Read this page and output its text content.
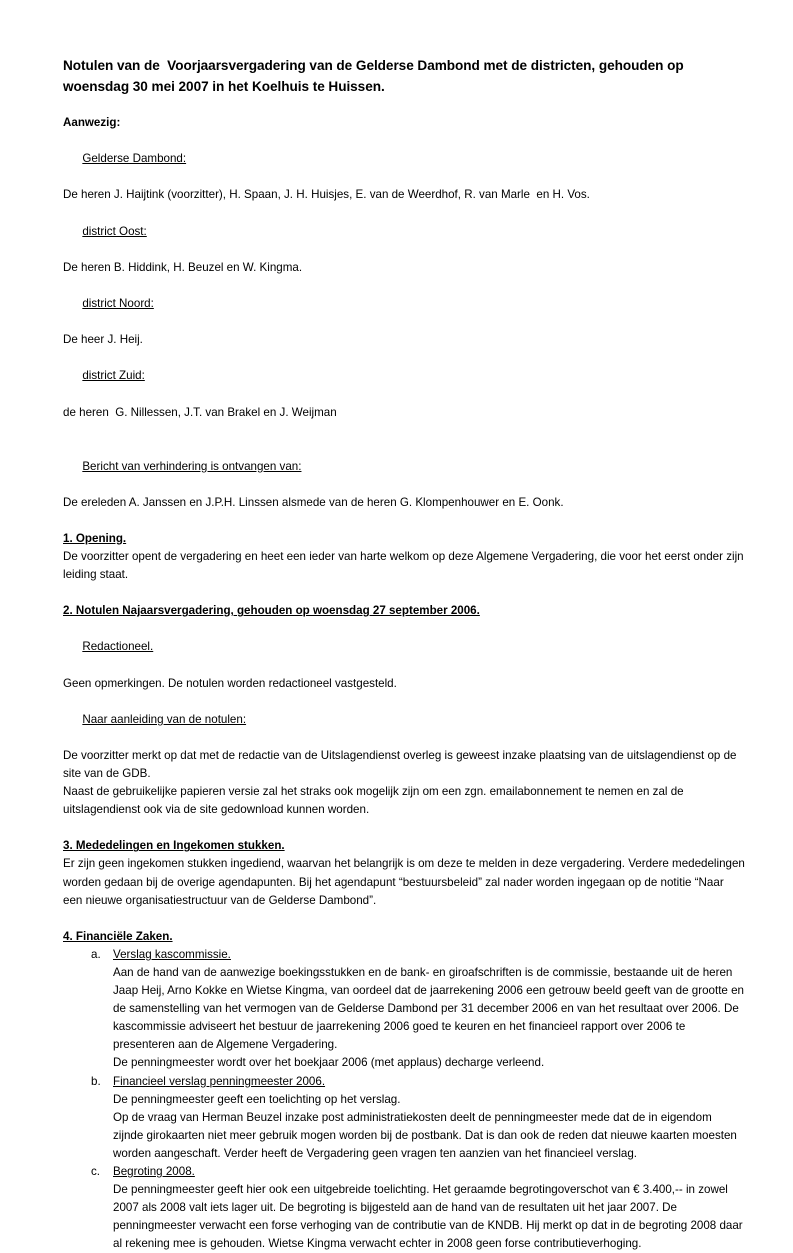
Notulen van de  Voorjaarsvergadering van de Gelderse Dambond met de districten, gehouden op  woensdag 30 mei 2007 in het Koelhuis te Huissen.
Aanwezig:

Gelderse Dambond:

De heren J. Haijtink (voorzitter), H. Spaan, J. H. Huisjes, E. van de Weerdhof, R. van Marle  en H. Vos.

district Oost:

De heren B. Hiddink, H. Beuzel en W. Kingma.

district Noord:

De heer J. Heij.

district Zuid:

de heren  G. Nillessen, J.T. van Brakel en J. Weijman

Bericht van verhindering is ontvangen van:

De ereleden A. Janssen en J.P.H. Linssen alsmede van de heren G. Klompenhouwer en E. Oonk.
1. Opening.

De voorzitter opent de vergadering en heet een ieder van harte welkom op deze Algemene Vergadering, die voor het eerst onder zijn leiding staat.

2. Notulen Najaarsvergadering, gehouden op woensdag 27 september 2006.

Redactioneel.

Geen opmerkingen. De notulen worden redactioneel vastgesteld.

Naar aanleiding van de notulen:

De voorzitter merkt op dat met de redactie van de Uitslagendienst overleg is geweest inzake plaatsing van de uitslagendienst op de site van de GDB.

Naast de gebruikelijke papieren versie zal het straks ook mogelijk zijn om een zgn. emailabonnement te nemen en zal de uitslagendienst ook via de site gedownload kunnen worden.

3. Mededelingen en Ingekomen stukken.

Er zijn geen ingekomen stukken ingediend, waarvan het belangrijk is om deze te melden in deze vergadering. Verdere mededelingen worden gedaan bij de overige agendapunten. Bij het agendapunt “bestuursbeleid” zal nader worden ingegaan op de notitie “Naar een nieuwe organisatiestructuur van de Gelderse Dambond”.

4. Financiële Zaken.
a. Verslag kascommissie.

Aan de hand van de aanwezige boekingsstukken en de bank- en giroafschriften is de commissie, bestaande uit de heren Jaap Heij, Arno Kokke en Wietse Kingma, van oordeel dat de jaarrekening 2006 een getrouw beeld geeft van de grootte en de samenstelling van het vermogen van de Gelderse Dambond per 31 december 2006 en van het resultaat over 2006. De kascommissie adviseert het bestuur de jaarrekening 2006 goed te keuren en het financieel rapport over 2006 te presenteren aan de Algemene Vergadering.

De penningmeester wordt over het boekjaar 2006 (met applaus) decharge verleend.

b. Financieel verslag penningmeester 2006.

De penningmeester geeft een toelichting op het verslag.

Op de vraag van Herman Beuzel inzake post administratiekosten deelt de penningmeester mede dat de in eigendom zijnde girokaarten niet meer gebruik mogen worden bij de postbank. Dat is dan ook de reden dat nieuwe kaarten moesten worden aangeschaft. Verder heeft de Vergadering geen vragen ten aanzien van het financieel verslag.

c. Begroting 2008.

De penningmeester geeft hier ook een uitgebreide toelichting. Het geraamde begrotingoverschot van € 3.400,-- in zowel 2007 als 2008 valt iets lager uit. De begroting is bijgesteld aan de hand van de resultaten uit het jaar 2007. De penningmeester verwacht een forse verhoging van de contributie van de KNDB. Hij merkt op dat in de begroting 2008 daar al rekening mee is gehouden. Wietse Kingma verwacht echter in 2008 geen forse contributieverhoging.
